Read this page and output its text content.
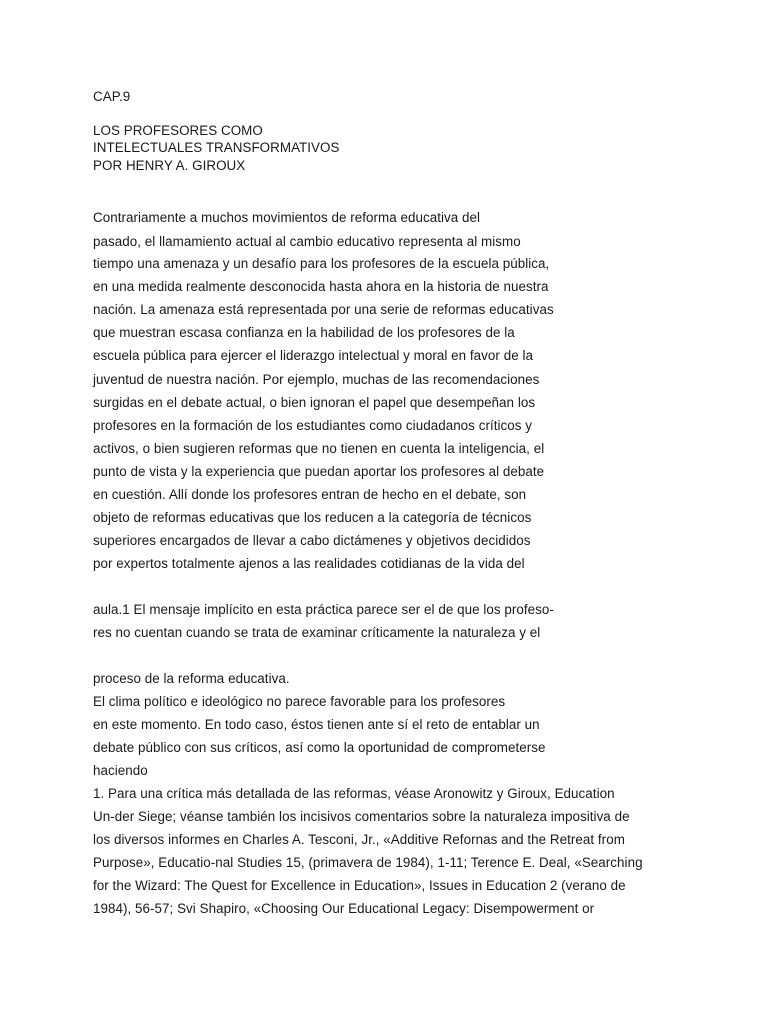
CAP.9
LOS PROFESORES COMO
INTELECTUALES TRANSFORMATIVOS
POR HENRY A. GIROUX
Contrariamente a muchos movimientos de reforma educativa del
pasado, el llamamiento actual al cambio educativo representa al mismo
tiempo una amenaza y un desafío para los profesores de la escuela pública,
en una medida realmente desconocida hasta ahora en la historia de nuestra
nación. La amenaza está representada por una serie de reformas educativas
que muestran escasa confianza en la habilidad de los profesores de la
escuela pública para ejercer el liderazgo intelectual y moral en favor de la
juventud de nuestra nación. Por ejemplo, muchas de las recomendaciones
surgidas en el debate actual, o bien ignoran el papel que desempeñan los
profesores en la formación de los estudiantes como ciudadanos críticos y
activos, o bien sugieren reformas que no tienen en cuenta la inteligencia, el
punto de vista y la experiencia que puedan aportar los profesores al debate
en cuestión. Allí donde los profesores entran de hecho en el debate, son
objeto de reformas educativas que los reducen a la categoría de técnicos
superiores encargados de llevar a cabo dictámenes y objetivos decididos
por expertos totalmente ajenos a las realidades cotidianas de la vida del
aula.1 El mensaje implícito en esta práctica parece ser el de que los profeso-
res no cuentan cuando se trata de examinar críticamente la naturaleza y el
proceso de la reforma educativa.
El clima político e ideológico no parece favorable para los profesores
en este momento. En todo caso, éstos tienen ante sí el reto de entablar un
debate público con sus críticos, así como la oportunidad de comprometerse
haciendo
1. Para una crítica más detallada de las reformas, véase Aronowitz y Giroux, Education
Un-der Siege; véanse también los incisivos comentarios sobre la naturaleza impositiva de
los diversos informes en Charles A. Tesconi, Jr., «Additive Refornas and the Retreat from
Purpose», Educatio-nal Studies 15, (primavera de 1984), 1-11; Terence E. Deal, «Searching
for the Wizard: The Quest for Excellence in Education», Issues in Education 2 (verano de
1984), 56-57; Svi Shapiro, «Choosing Our Educational Legacy: Disempowerment or
